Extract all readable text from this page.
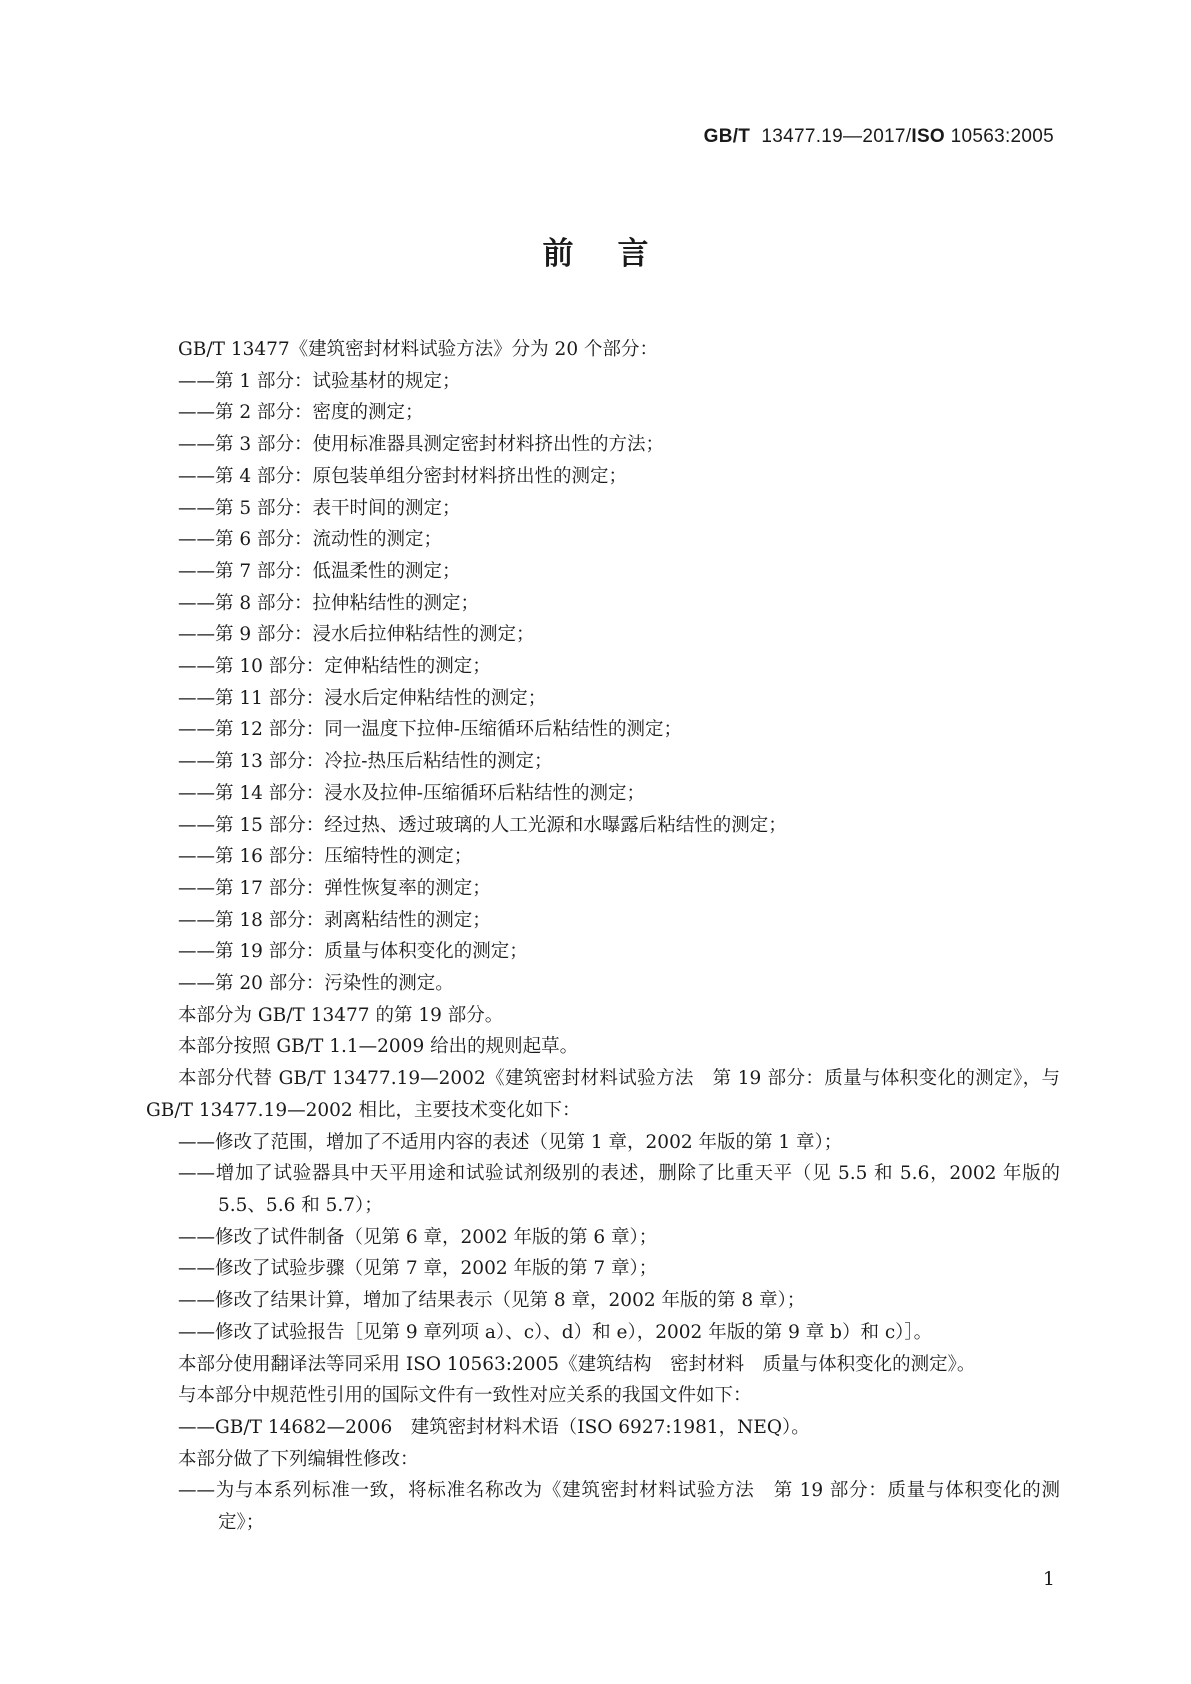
GB/T 13477.19—2017/ISO 10563:2005
前言

GB/T 13477《建筑密封材料试验方法》分为 20 个部分：

——第 1 部分：试验基材的规定；

——第 2 部分：密度的测定；

——第 3 部分：使用标准器具测定密封材料挤出性的方法；

——第 4 部分：原包装单组分密封材料挤出性的测定；

——第 5 部分：表干时间的测定；

——第 6 部分：流动性的测定；

——第 7 部分：低温柔性的测定；

——第 8 部分：拉伸粘结性的测定；

——第 9 部分：浸水后拉伸粘结性的测定；

——第 10 部分：定伸粘结性的测定；

——第 11 部分：浸水后定伸粘结性的测定；

——第 12 部分：同一温度下拉伸-压缩循环后粘结性的测定；

——第 13 部分：冷拉-热压后粘结性的测定；

——第 14 部分：浸水及拉伸-压缩循环后粘结性的测定；

——第 15 部分：经过热、透过玻璃的人工光源和水曝露后粘结性的测定；

——第 16 部分：压缩特性的测定；

——第 17 部分：弹性恢复率的测定；

——第 18 部分：剥离粘结性的测定；

——第 19 部分：质量与体积变化的测定；

——第 20 部分：污染性的测定。

本部分为 GB/T 13477 的第 19 部分。

本部分按照 GB/T 1.1—2009 给出的规则起草。

本部分代替 GB/T 13477.19—2002《建筑密封材料试验方法　第 19 部分：质量与体积变化的测定》，与 GB/T 13477.19—2002 相比，主要技术变化如下：

——修改了范围，增加了不适用内容的表述（见第 1 章，2002 年版的第 1 章）；

——增加了试验器具中天平用途和试验试剂级别的表述，删除了比重天平（见 5.5 和 5.6，2002 年版的 5.5、5.6 和 5.7）；

——修改了试件制备（见第 6 章，2002 年版的第 6 章）；

——修改了试验步骤（见第 7 章，2002 年版的第 7 章）；

——修改了结果计算，增加了结果表示（见第 8 章，2002 年版的第 8 章）；

——修改了试验报告［见第 9 章列项 a）、c）、d）和 e），2002 年版的第 9 章 b）和 c）］。

本部分使用翻译法等同采用 ISO 10563:2005《建筑结构　密封材料　质量与体积变化的测定》。

与本部分中规范性引用的国际文件有一致性对应关系的我国文件如下：

——GB/T 14682—2006　建筑密封材料术语（ISO 6927:1981，NEQ）。

本部分做了下列编辑性修改：

——为与本系列标准一致，将标准名称改为《建筑密封材料试验方法　第 19 部分：质量与体积变化的测定》；

1
